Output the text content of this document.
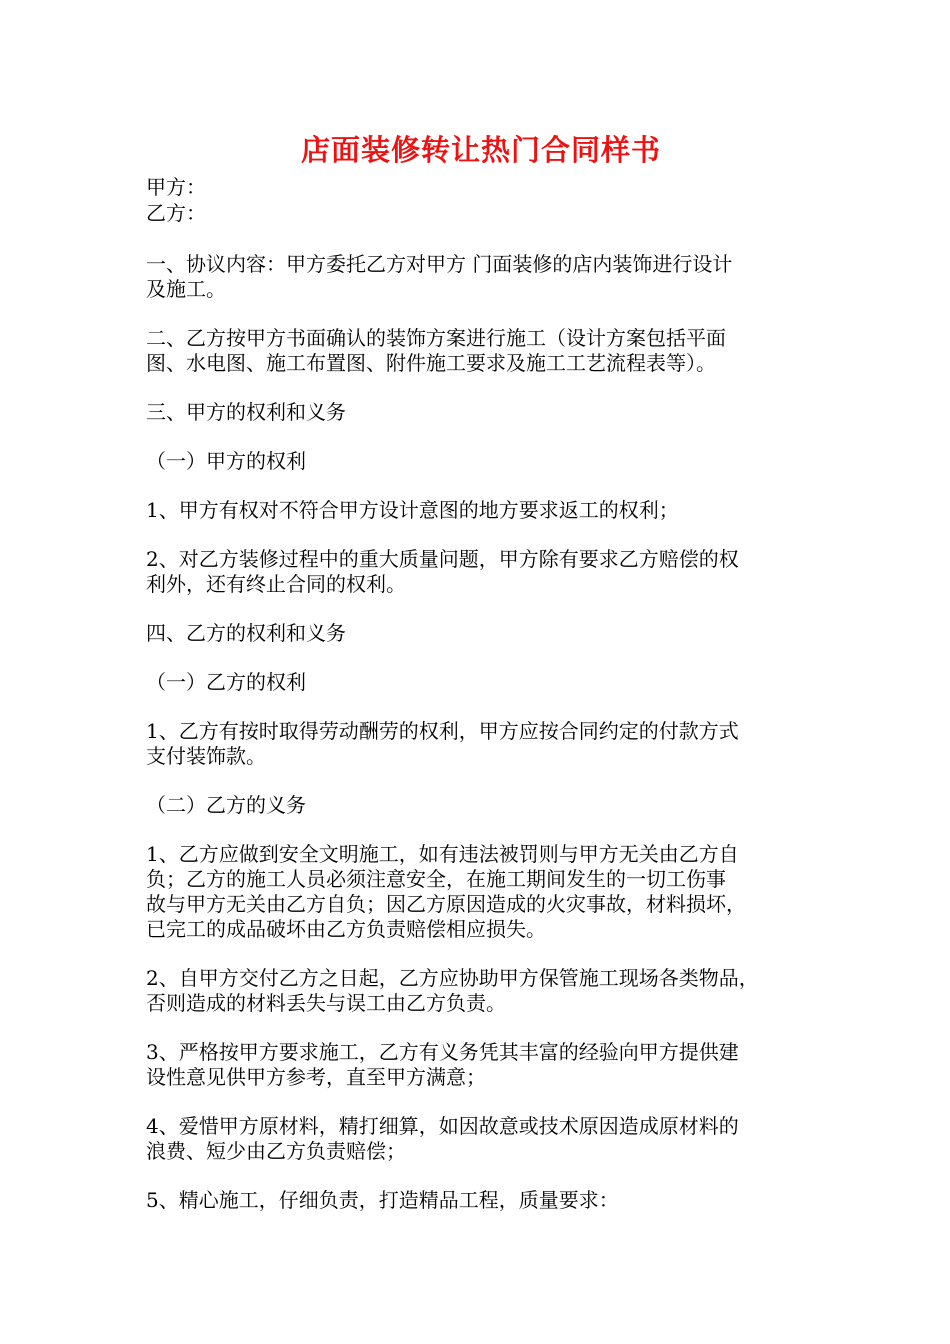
店面装修转让热门合同样书

甲方：

乙方：

一、协议内容：甲方委托乙方对甲方 门面装修的店内装饰进行设计
及施工。

二、乙方按甲方书面确认的装饰方案进行施工（设计方案包括平面
图、水电图、施工布置图、附件施工要求及施工工艺流程表等）。

三、甲方的权利和义务

（一）甲方的权利

1、甲方有权对不符合甲方设计意图的地方要求返工的权利；

2、对乙方装修过程中的重大质量问题，甲方除有要求乙方赔偿的权
利外，还有终止合同的权利。

四、乙方的权利和义务

（一）乙方的权利

1、乙方有按时取得劳动酬劳的权利，甲方应按合同约定的付款方式
支付装饰款。

（二）乙方的义务

1、乙方应做到安全文明施工，如有违法被罚则与甲方无关由乙方自
负；乙方的施工人员必须注意安全，在施工期间发生的一切工伤事
故与甲方无关由乙方自负；因乙方原因造成的火灾事故，材料损坏，
已完工的成品破坏由乙方负责赔偿相应损失。

2、自甲方交付乙方之日起，乙方应协助甲方保管施工现场各类物品，
否则造成的材料丢失与误工由乙方负责。

3、严格按甲方要求施工，乙方有义务凭其丰富的经验向甲方提供建
设性意见供甲方参考，直至甲方满意；

4、爱惜甲方原材料，精打细算，如因故意或技术原因造成原材料的
浪费、短少由乙方负责赔偿；

5、精心施工，仔细负责，打造精品工程，质量要求：
